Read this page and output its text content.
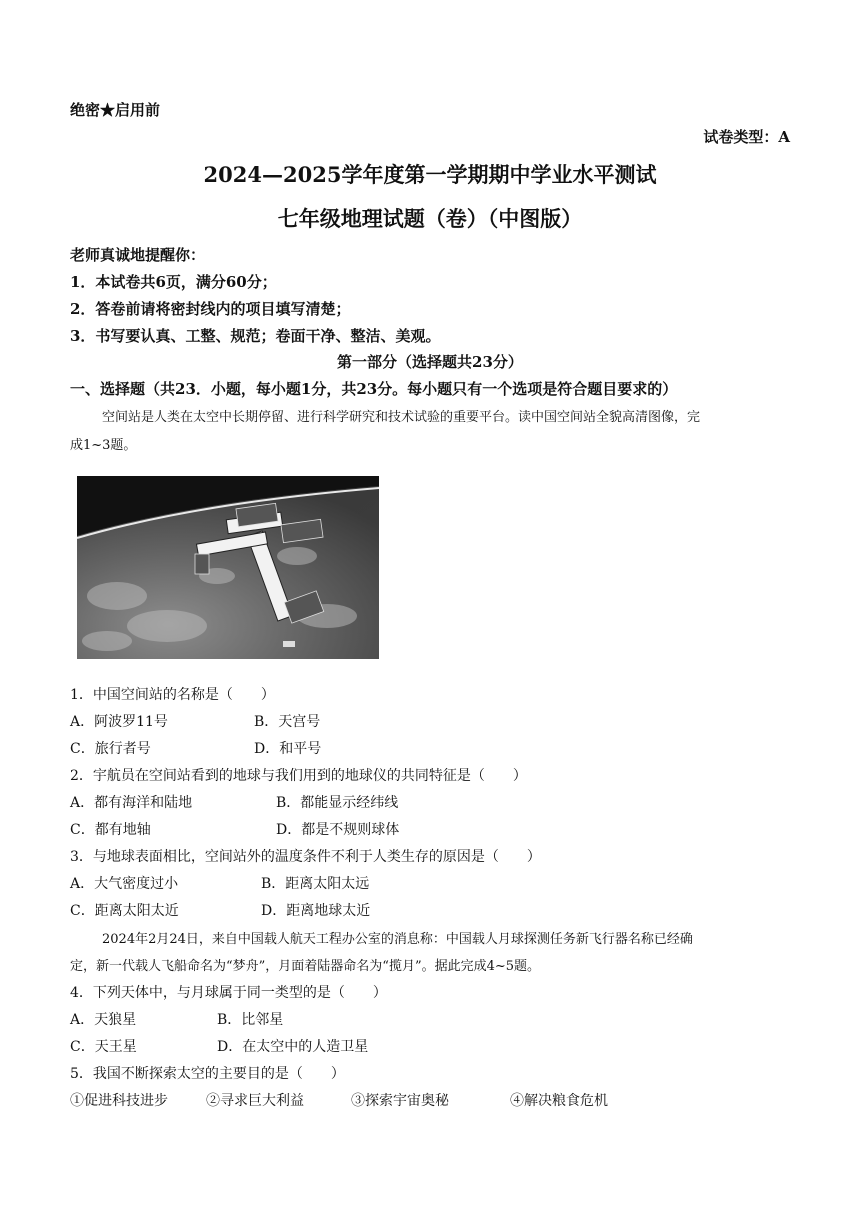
绝密★启用前
试卷类型：A
2024—2025学年度第一学期期中学业水平测试
七年级地理试题（卷）（中图版）
老师真诚地提醒你：
1．本试卷共6页，满分60分；
2．答卷前请将密封线内的项目填写清楚；
3．书写要认真、工整、规范；卷面干净、整洁、美观。
第一部分（选择题共23分）
一、选择题（共23．小题，每小题1分，共23分。每小题只有一个选项是符合题目要求的）
空间站是人类在太空中长期停留、进行科学研究和技术试验的重要平台。读中国空间站全貌高清图像，完
成1~3题。
1．中国空间站的名称是（　　）
A．阿波罗11号	B．天宫号
C．旅行者号	D．和平号
2．宇航员在空间站看到的地球与我们用到的地球仪的共同特征是（　　）
A．都有海洋和陆地	B．都能显示经纬线
C．都有地轴	D．都是不规则球体
3．与地球表面相比，空间站外的温度条件不利于人类生存的原因是（　　）
A．大气密度过小	B．距离太阳太远
C．距离太阳太近	D．距离地球太近
2024年2月24日，来自中国载人航天工程办公室的消息称：中国载人月球探测任务新飞行器名称已经确
定，新一代载人飞船命名为“梦舟”，月面着陆器命名为“揽月”。据此完成4~5题。
4．下列天体中，与月球属于同一类型的是（　　）
A．天狼星	B．比邻星
C．天王星	D．在太空中的人造卫星
5．我国不断探索太空的主要目的是（　　）
①促进科技进步	②寻求巨大利益	③探索宇宙奥秘	④解决粮食危机
